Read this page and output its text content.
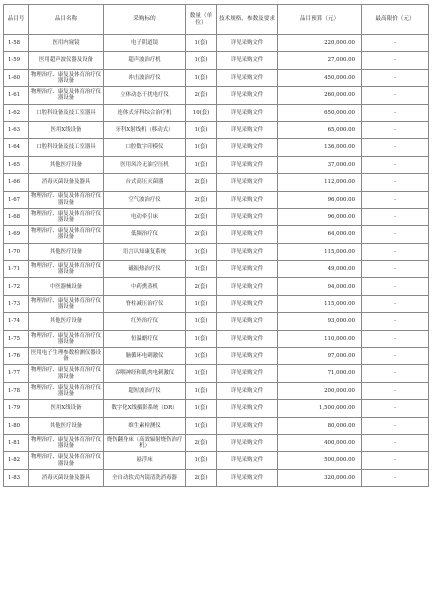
品目号	品目名称	采购标的	数量（单位）	技术规格、参数及要求	品目预算（元）	最高限价（元）
1-58	医用内窥镜	电子阴道镜	1(套)	详见采购文件	220,000.00	-
1-59	医用超声波仪器及设备	超声波治疗机	1(套)	详见采购文件	27,000.00	-
1-60	物理治疗、康复及体育治疗仪器设备	冲击波治疗仪	1(套)	详见采购文件	450,000.00	-
1-61	物理治疗、康复及体育治疗仪器设备	立体动态干扰电疗仪	2(套)	详见采购文件	260,000.00	-
1-62	口腔科设备及技工室器具	连体式牙科综合治疗机	10(套)	详见采购文件	650,000.00	-
1-63	医用X线设备	牙科X射线机（移动式）	1(套)	详见采购文件	65,000.00	-
1-64	口腔科设备及技工室器具	口腔数字印模仪	1(套)	详见采购文件	136,000.00	-
1-65	其他医疗设备	医用风冷无油空压机	1(套)	详见采购文件	37,000.00	-
1-66	消毒灭菌设备及器具	台式高压灭菌器	2(套)	详见采购文件	112,000.00	-
1-67	物理治疗、康复及体育治疗仪器设备	空气波治疗仪	2(套)	详见采购文件	96,000.00	-
1-68	物理治疗、康复及体育治疗仪器设备	电动牵引床	2(套)	详见采购文件	96,000.00	-
1-69	物理治疗、康复及体育治疗仪器设备	低频治疗仪	2(套)	详见采购文件	64,000.00	-
1-70	其他医疗设备	语言认知康复系统	1(套)	详见采购文件	115,000.00	-
1-71	物理治疗、康复及体育治疗仪器设备	磁振热治疗仪	1(套)	详见采购文件	49,000.00	-
1-72	中医器械设备	中药熏蒸机	2(套)	详见采购文件	94,000.00	-
1-73	物理治疗、康复及体育治疗仪器设备	脊柱减压治疗仪	1(套)	详见采购文件	115,000.00	-
1-74	其他医疗设备	红外治疗仪	1(套)	详见采购文件	93,000.00	-
1-75	物理治疗、康复及体育治疗仪器设备	恒温蜡疗仪	1(套)	详见采购文件	110,000.00	-
1-76	医用电子生理参数检测仪器设备	脑循环电刺激仪	1(套)	详见采购文件	97,000.00	-
1-77	物理治疗、康复及体育治疗仪器设备	吞咽神经和肌肉电刺激仪	1(套)	详见采购文件	71,000.00	-
1-78	物理治疗、康复及体育治疗仪器设备	超短波治疗仪	1(套)	详见采购文件	200,000.00	-
1-79	医用X线设备	数字化X线摄影系统（DR）	1(套)	详见采购文件	1,500,000.00	-
1-80	其他医疗设备	维生素检测仪	1(套)	详见采购文件	80,000.00	-
1-81	物理治疗、康复及体育治疗仪器设备	烧伤翻身床（高效辐射烧伤治疗机）	2(套)	详见采购文件	400,000.00	-
1-82	物理治疗、康复及体育治疗仪器设备	悬浮床	1(套)	详见采购文件	500,000.00	-
1-83	消毒灭菌设备及器具	全自动软式内镜清洗消毒器	2(套)	详见采购文件	320,000.00	-
